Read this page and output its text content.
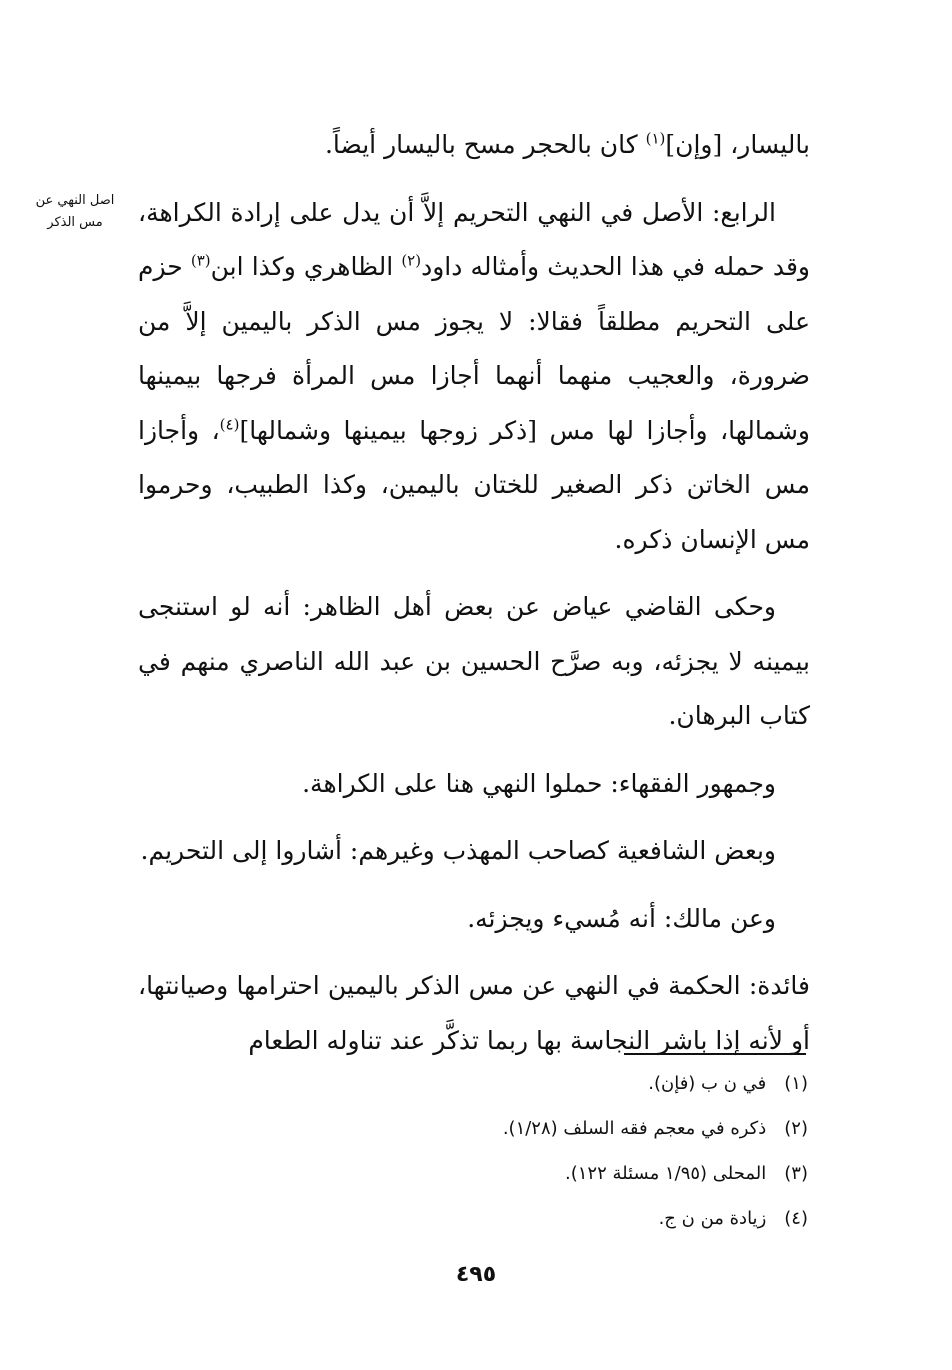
اصل النهي عن
مس الذكر

باليسار، [وإن]$^{(١)}$ كان بالحجر مسح باليسار أيضاً.

الرابع: الأصل في النهي التحريم إلاَّ أن يدل على إرادة الكراهة، وقد حمله في هذا الحديث وأمثاله داود$^{(٢)}$ الظاهري وكذا ابن$^{(٣)}$ حزم على التحريم مطلقاً فقالا: لا يجوز مس الذكر باليمين إلاَّ من ضرورة، والعجيب منهما أنهما أجازا مس المرأة فرجها بيمينها وشمالها، وأجازا لها مس [ذكر زوجها بيمينها وشمالها]$^{(٤)}$، وأجازا مس الخاتن ذكر الصغير للختان باليمين، وكذا الطبيب، وحرموا مس الإنسان ذكره.

وحكى القاضي عياض عن بعض أهل الظاهر: أنه لو استنجى بيمينه لا يجزئه، وبه صرَّح الحسين بن عبد الله الناصري منهم في كتاب البرهان.

وجمهور الفقهاء: حملوا النهي هنا على الكراهة.

وبعض الشافعية كصاحب المهذب وغيرهم: أشاروا إلى التحريم.

وعن مالك: أنه مُسيء ويجزئه.

فائدة: الحكمة في النهي عن مس الذكر باليمين احترامها وصيانتها، أو لأنه إذا باشر النجاسة بها ربما تذكَّر عند تناوله الطعام

(١) في ن ب (فإن).
(٢) ذكره في معجم فقه السلف (١/٢٨).
(٣) المحلى (١/٩٥ مسئلة ١٢٢).
(٤) زيادة من ن ج.
٤٩٥
